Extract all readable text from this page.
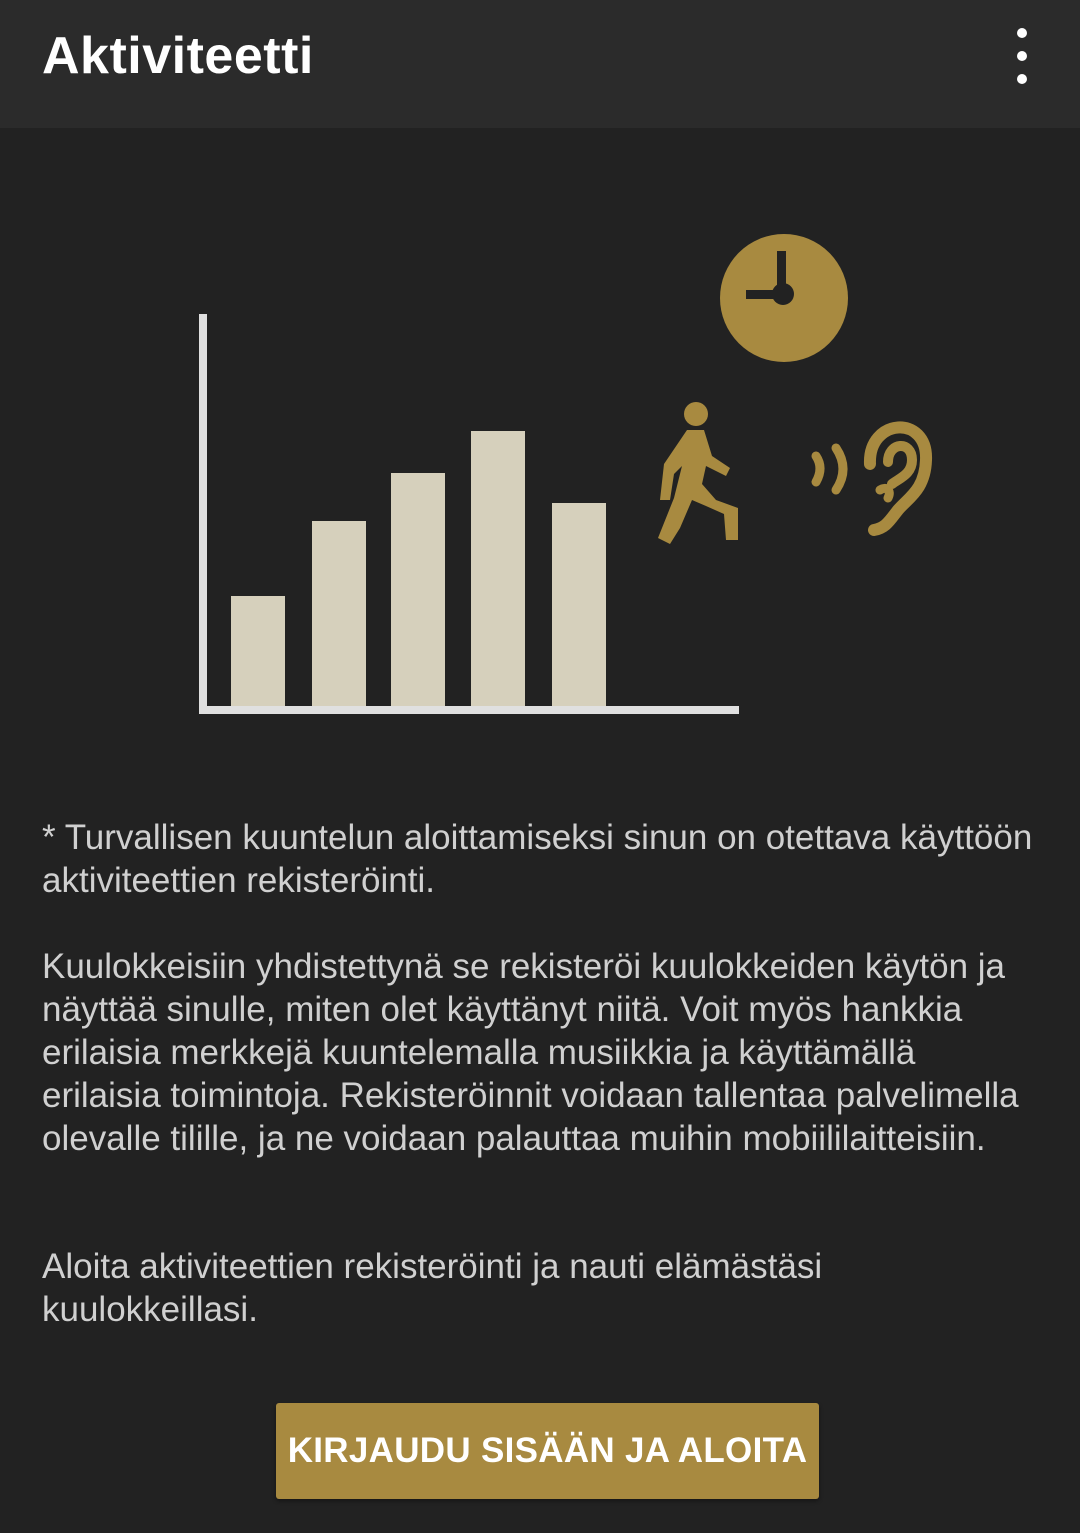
Aktiviteetti
* Turvallisen kuuntelun aloittamiseksi sinun on otettava käyttöön aktiviteettien rekisteröinti.
Kuulokkeisiin yhdistettynä se rekisteröi kuulokkeiden käytön ja näyttää sinulle, miten olet käyttänyt niitä. Voit myös hankkia erilaisia merkkejä kuuntelemalla musiikkia ja käyttämällä erilaisia toimintoja. Rekisteröinnit voidaan tallentaa palvelimella olevalle tilille, ja ne voidaan palauttaa muihin mobiililaitteisiin.
Aloita aktiviteettien rekisteröinti ja nauti elämästäsi kuulokkeillasi.
KIRJAUDU SISÄÄN JA ALOITA
